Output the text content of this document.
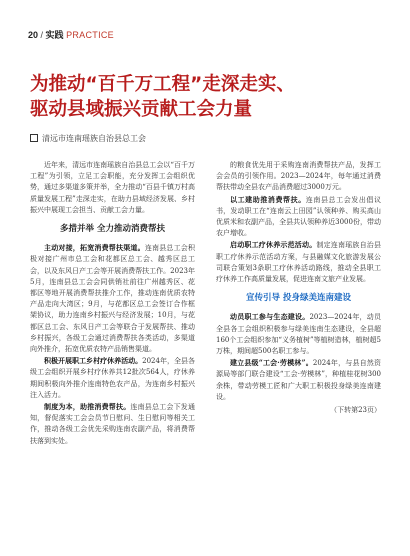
20 / 实践 PRACTICE
为推动“百千万工程”走深走实、
驱动县域振兴贡献工会力量
清远市连南瑶族自治县总工会

近年来，清远市连南瑶族自治县总工会以“百千万工程”为引领，立足工会职能，充分发挥工会组织优势，通过多渠道多策并举，全力推动“百县千镇万村高质量发展工程”走深走实，在助力县域经济发展、乡村振兴中展现工会担当、贡献工会力量。

多措并举 全力推动消费帮扶

主动对接，拓宽消费帮扶渠道。连南县总工会积极对接广州市总工会和花都区总工会、越秀区总工会，以及东风日产工会等开展消费帮扶工作。2023年5月，连南县总工会会同供销社前往广州越秀区、花都区等地开展消费帮扶推介工作，推动连南优质农特产品走向大湾区；9月，与花都区总工会签订合作框架协议，助力连南乡村振兴与经济发展；10月，与花都区总工会、东风日产工会等联合于发展帮扶、推动乡村振兴，各级工会通过消费帮扶各类活动，多渠道向外推介，拓宽优质农特产品销售渠道。

积极开展职工乡村疗休养活动。2024年，全县各级工会组织开展乡村疗休养共12批次564人，疗休养期间积极向外推介连南特色农产品，为连南乡村振兴注入活力。

制度为本，助推消费帮扶。连南县总工会下发通知，督促落实工会会员节日慰问、生日慰问等相关工作，推动各级工会优先采购连南农副产品，将消费帮扶落到实处。

的粮食优先用于采购连南消费帮扶产品，发挥工会会员的引领作用。2023—2024年，每年通过消费帮扶带动全县农产品消费超过3000万元。

以工建助推消费帮扶。连南县总工会发出倡议书，发动职工在“连南云上田园”认领种养、购买高山优质米和农副产品，全县共认领种养近3000份，带动农户增收。

启动职工疗休养示范活动。制定连南瑶族自治县职工疗休养示范活动方案，与县融媒文化旅游发展公司联合策划3条职工疗休养活动路线，推动全县职工疗休养工作高质量发展，促进连南文旅产业发展。

宣传引导 投身绿美连南建设

动员职工参与生态建设。2023—2024年，动员全县各工会组织积极参与绿美连南生态建设，全县超160个工会组织参加“义务植树”等植树造林，植树超5万株，期间超500名职工参与。

建立县级“工会·劳模林”。2024年，与县自然资源局等部门联合建设“工会·劳模林”，种植桂花树300余株，带动劳模工匠和广大职工积极投身绿美连南建设。

（下转第23页）
